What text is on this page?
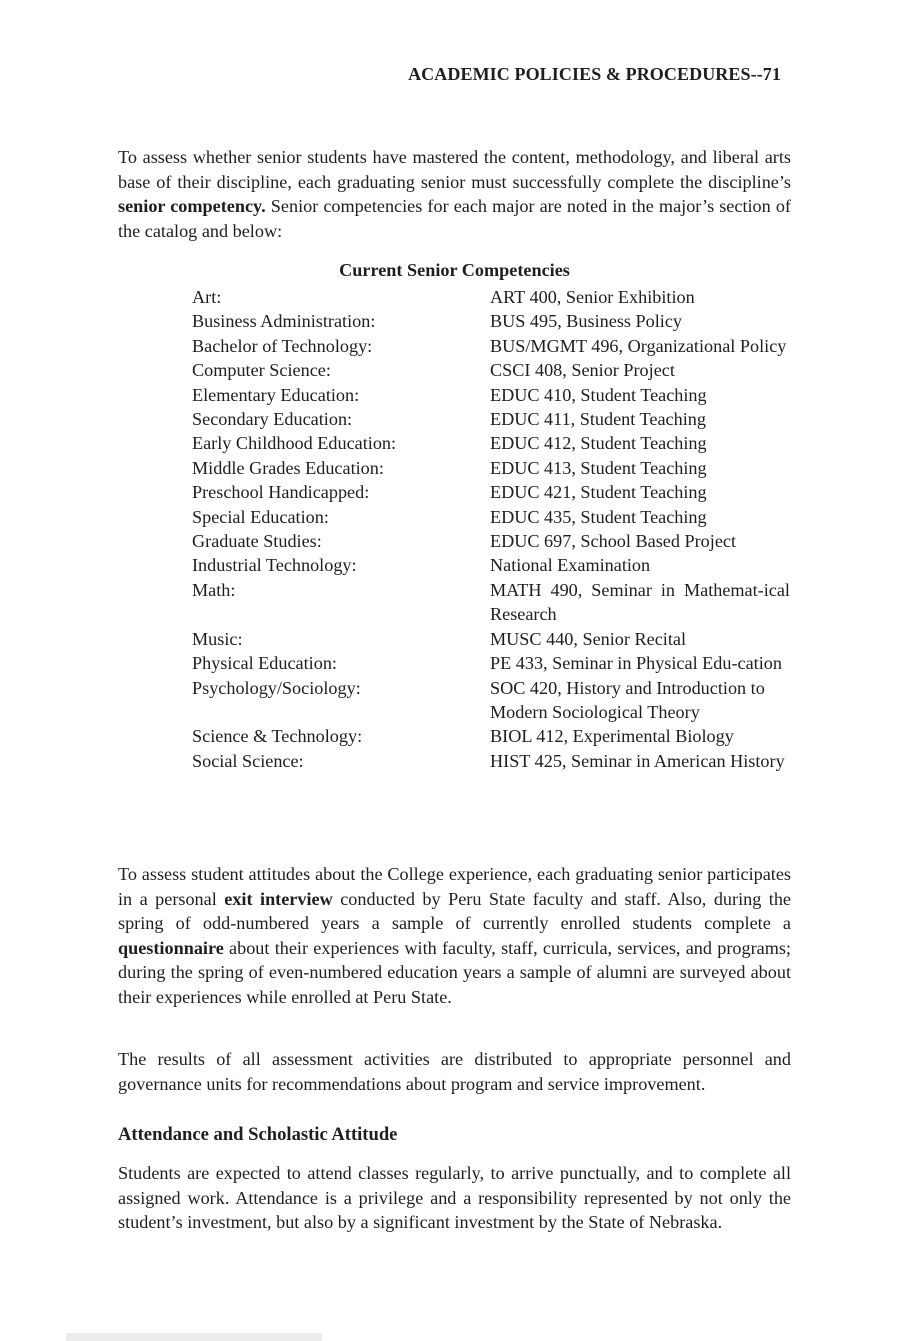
ACADEMIC POLICIES & PROCEDURES--71

To assess whether senior students have mastered the content, methodology, and liberal arts base of their discipline, each graduating senior must successfully complete the discipline’s senior competency. Senior competencies for each major are noted in the major’s section of the catalog and below:

Current Senior Competencies
Art:	ART 400, Senior Exhibition
Business Administration:	BUS 495, Business Policy
Bachelor of Technology:	BUS/MGMT 496, Organizational Policy
Computer Science:	CSCI 408, Senior Project
Elementary Education:	EDUC 410, Student Teaching
Secondary Education:	EDUC 411, Student Teaching
Early Childhood Education:	EDUC 412, Student Teaching
Middle Grades Education:	EDUC 413, Student Teaching
Preschool Handicapped:	EDUC 421, Student Teaching
Special Education:	EDUC 435, Student Teaching
Graduate Studies:	EDUC 697, School Based Project
Industrial Technology:	National Examination
Math:	MATH 490, Seminar in Mathemat-ical Research
Music:	MUSC 440, Senior Recital
Physical Education:	PE 433, Seminar in Physical Edu-cation
Psychology/Sociology:	SOC 420, History and Introduction to Modern Sociological Theory
Science & Technology:	BIOL 412, Experimental Biology
Social Science:	HIST 425, Seminar in American History

To assess student attitudes about the College experience, each graduating senior participates in a personal exit interview conducted by Peru State faculty and staff. Also, during the spring of odd-numbered years a sample of currently enrolled students complete a questionnaire about their experiences with faculty, staff, curricula, services, and programs; during the spring of even-numbered education years a sample of alumni are surveyed about their experiences while enrolled at Peru State.

The results of all assessment activities are distributed to appropriate personnel and governance units for recommendations about program and service improvement.

Attendance and Scholastic Attitude

Students are expected to attend classes regularly, to arrive punctually, and to complete all assigned work. Attendance is a privilege and a responsibility represented by not only the student’s investment, but also by a significant investment by the State of Nebraska.
